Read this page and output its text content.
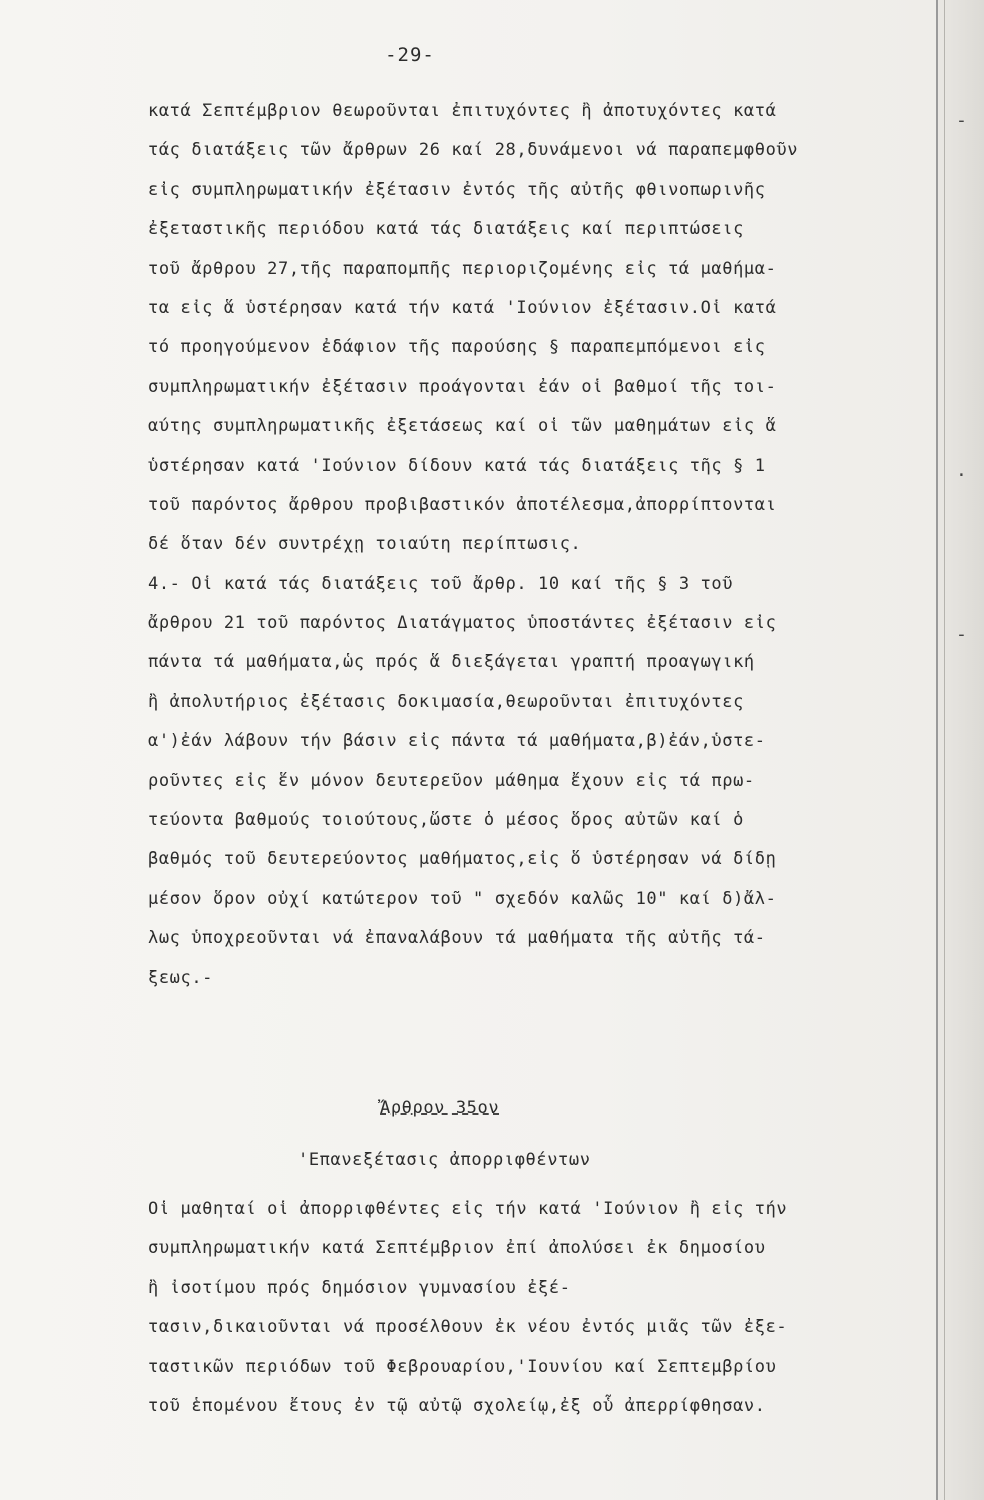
-
.
-
-29-
κατά Σεπτέμβριον θεωροῦνται ἐπιτυχόντες ἢ ἀποτυχόντες κατά
τάς διατάξεις τῶν ἄρθρων 26 καί 28,δυνάμενοι νά παραπεμφθοῦν
εἰς συμπληρωματικήν ἐξέτασιν ἐντός τῆς αὐτῆς φθινοπωρινῆς
ἐξεταστικῆς περιόδου κατά τάς διατάξεις καί περιπτώσεις
τοῦ ἄρθρου 27,τῆς παραπομπῆς περιοριζομένης εἰς τά μαθήμα-
τα εἰς ἅ ὑστέρησαν κατά τήν κατά 'Ιούνιον ἐξέτασιν.Οἱ κατά
τό προηγούμενον ἐδάφιον τῆς παρούσης § παραπεμπόμενοι εἰς
συμπληρωματικήν ἐξέτασιν προάγονται ἐάν οἱ βαθμοί τῆς τοι-
αύτης συμπληρωματικῆς ἐξετάσεως καί οἱ τῶν μαθημάτων εἰς ἅ
ὑστέρησαν κατά 'Ιούνιον δίδουν κατά τάς διατάξεις τῆς § 1
τοῦ παρόντος ἄρθρου προβιβαστικόν ἀποτέλεσμα,ἀπορρίπτονται
δέ ὅταν δέν συντρέχῃ τοιαύτη περίπτωσις.
4.- Οἱ κατά τάς διατάξεις τοῦ ἄρθρ. 10 καί τῆς § 3 τοῦ
ἄρθρου 21 τοῦ παρόντος Διατάγματος ὑποστάντες ἐξέτασιν εἰς
πάντα τά μαθήματα,ὡς πρός ἅ διεξάγεται γραπτή προαγωγική
ἢ ἀπολυτήριος ἐξέτασις δοκιμασία,θεωροῦνται ἐπιτυχόντες
α')ἐάν λάβουν τήν βάσιν εἰς πάντα τά μαθήματα,β)ἐάν,ὑστε-
ροῦντες εἰς ἕν μόνον δευτερεῦον μάθημα ἔχουν εἰς τά πρω-
τεύοντα βαθμούς τοιούτους,ὥστε ὁ μέσος ὅρος αὐτῶν καί ὁ
βαθμός τοῦ δευτερεύοντος μαθήματος,εἰς ὅ ὑστέρησαν νά δίδῃ
μέσον ὅρον οὐχί κατώτερον τοῦ " σχεδόν καλῶς 10" καί δ)ἄλ-
λως ὑποχρεοῦνται νά ἐπαναλάβουν τά μαθήματα τῆς αὐτῆς τά-
ξεως.-
Ἄρθρον 35ον
'Επανεξέτασις ἀπορριφθέντων
Οἱ μαθηταί οἱ ἀπορριφθέντες εἰς τήν κατά 'Ιούνιον ἢ εἰς τήν
συμπληρωματικήν κατά Σεπτέμβριον ἐπί ἀπολύσει ἐκ δημοσίου
ἢ ἰσοτίμου πρός δημόσιον γυμνασίου ἐξέ-
τασιν,δικαιοῦνται νά προσέλθουν ἐκ νέου ἐντός μιᾶς τῶν ἐξε-
ταστικῶν περιόδων τοῦ Φεβρουαρίου,'Ιουνίου καί Σεπτεμβρίου
τοῦ ἑπομένου ἔτους ἐν τῷ αὐτῷ σχολείῳ,ἐξ οὗ ἀπερρίφθησαν.
